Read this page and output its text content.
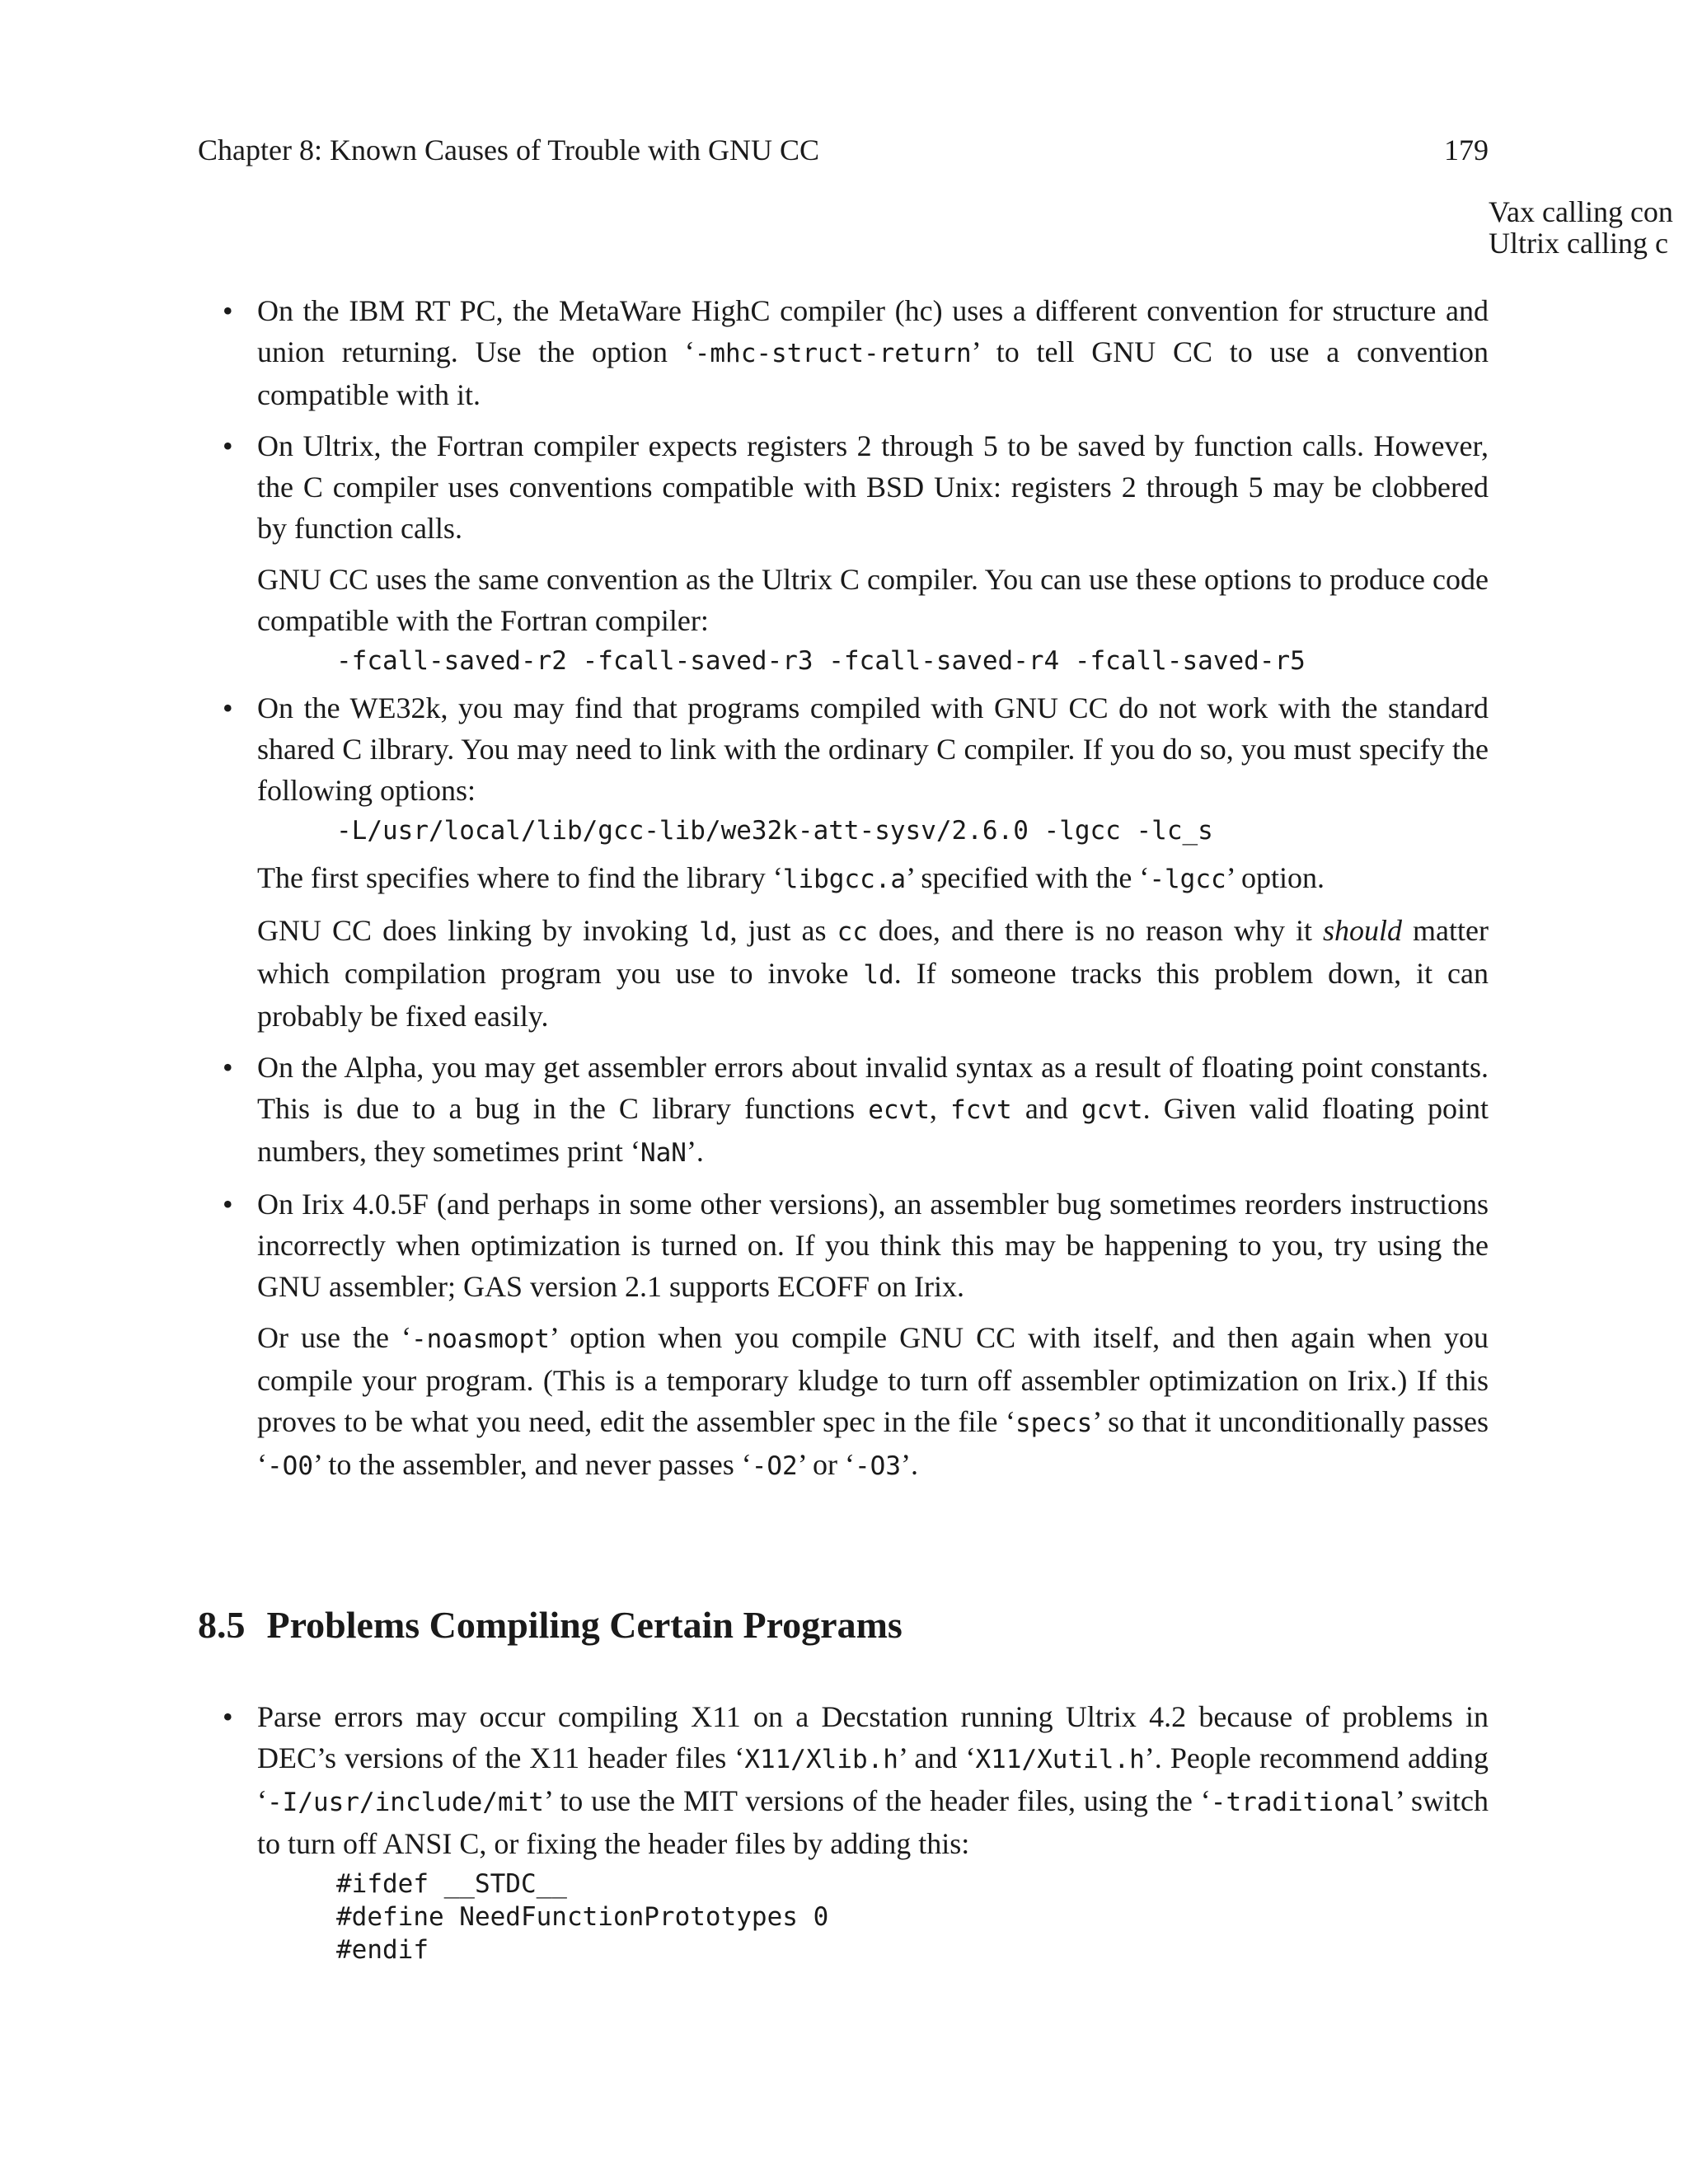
Chapter 8: Known Causes of Trouble with GNU CC	179
Vax calling con
Ultrix calling c

• On the IBM RT PC, the MetaWare HighC compiler (hc) uses a different convention for structure and union returning. Use the option ‘-mhc-struct-return’ to tell GNU CC to use a convention compatible with it.

• On Ultrix, the Fortran compiler expects registers 2 through 5 to be saved by function calls. However, the C compiler uses conventions compatible with BSD Unix: registers 2 through 5 may be clobbered by function calls.

GNU CC uses the same convention as the Ultrix C compiler. You can use these options to produce code compatible with the Fortran compiler:

-fcall-saved-r2 -fcall-saved-r3 -fcall-saved-r4 -fcall-saved-r5

• On the WE32k, you may find that programs compiled with GNU CC do not work with the standard shared C ilbrary. You may need to link with the ordinary C compiler. If you do so, you must specify the following options:

-L/usr/local/lib/gcc-lib/we32k-att-sysv/2.6.0 -lgcc -lc_s

The first specifies where to find the library ‘libgcc.a’ specified with the ‘-lgcc’ option.

GNU CC does linking by invoking ld, just as cc does, and there is no reason why it should matter which compilation program you use to invoke ld. If someone tracks this problem down, it can probably be fixed easily.

• On the Alpha, you may get assembler errors about invalid syntax as a result of floating point constants. This is due to a bug in the C library functions ecvt, fcvt and gcvt. Given valid floating point numbers, they sometimes print ‘NaN’.

• On Irix 4.0.5F (and perhaps in some other versions), an assembler bug sometimes reorders instructions incorrectly when optimization is turned on. If you think this may be happening to you, try using the GNU assembler; GAS version 2.1 supports ECOFF on Irix.

Or use the ‘-noasmopt’ option when you compile GNU CC with itself, and then again when you compile your program. (This is a temporary kludge to turn off assembler optimization on Irix.) If this proves to be what you need, edit the assembler spec in the file ‘specs’ so that it unconditionally passes ‘-O0’ to the assembler, and never passes ‘-O2’ or ‘-O3’.

8.5 Problems Compiling Certain Programs

• Parse errors may occur compiling X11 on a Decstation running Ultrix 4.2 because of problems in DEC’s versions of the X11 header files ‘X11/Xlib.h’ and ‘X11/Xutil.h’. People recommend adding ‘-I/usr/include/mit’ to use the MIT versions of the header files, using the ‘-traditional’ switch to turn off ANSI C, or fixing the header files by adding this:

#ifdef __STDC__
#define NeedFunctionPrototypes 0
#endif
